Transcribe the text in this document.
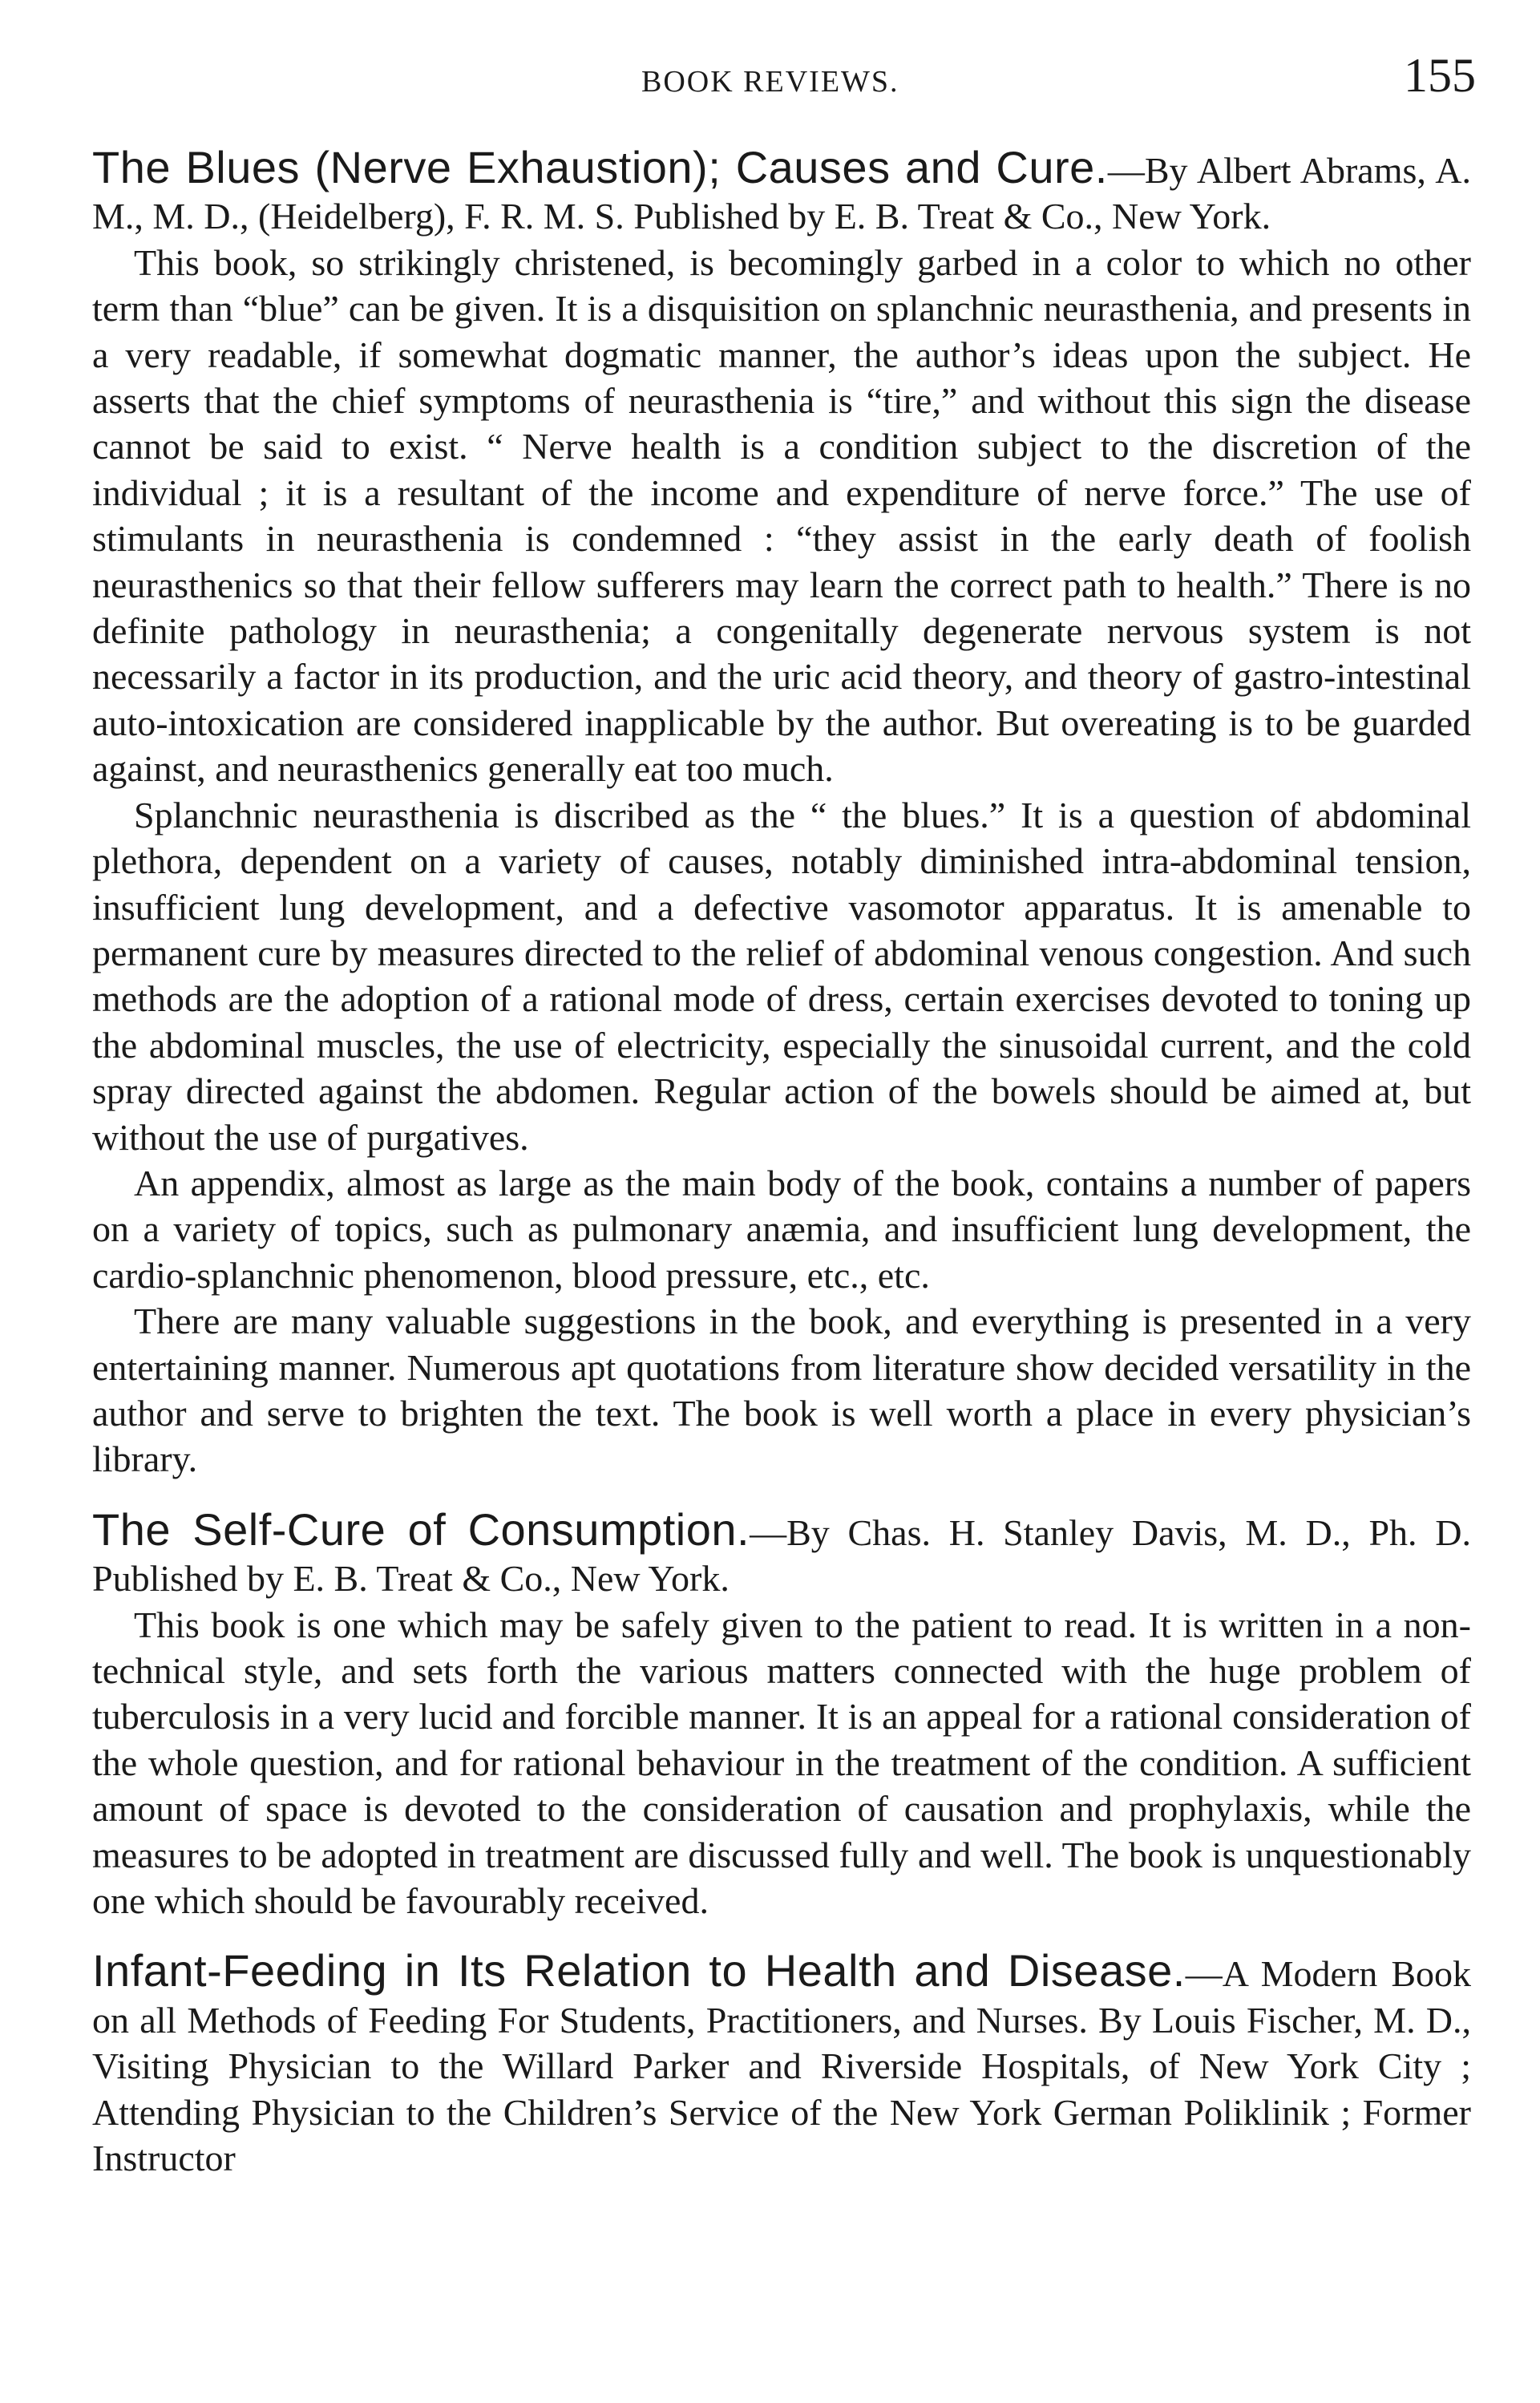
BOOK REVIEWS.	155

The Blues (Nerve Exhaustion); Causes and Cure.—By Albert Abrams, A. M., M. D., (Heidelberg), F. R. M. S. Published by E. B. Treat & Co., New York.

This book, so strikingly christened, is becomingly garbed in a color to which no other term than “blue” can be given. It is a disquisition on splanchnic neurasthenia, and presents in a very readable, if somewhat dogmatic manner, the author’s ideas upon the subject. He asserts that the chief symptoms of neurasthenia is “tire,” and without this sign the disease cannot be said to exist. “ Nerve health is a condition subject to the discretion of the individual ; it is a resultant of the income and expenditure of nerve force.” The use of stimulants in neurasthenia is condemned : “they assist in the early death of foolish neurasthenics so that their fellow sufferers may learn the correct path to health.” There is no definite pathology in neurasthenia; a congenitally degenerate nervous system is not necessarily a factor in its production, and the uric acid theory, and theory of gastro-intestinal auto-intoxication are considered inapplicable by the author. But overeating is to be guarded against, and neurasthenics generally eat too much.

Splanchnic neurasthenia is discribed as the “ the blues.” It is a question of abdominal plethora, dependent on a variety of causes, notably diminished intra-abdominal tension, insufficient lung development, and a defective vasomotor apparatus. It is amenable to permanent cure by measures directed to the relief of abdominal venous congestion. And such methods are the adoption of a rational mode of dress, certain exercises devoted to toning up the abdominal muscles, the use of electricity, especially the sinusoidal current, and the cold spray directed against the abdomen. Regular action of the bowels should be aimed at, but without the use of purgatives.

An appendix, almost as large as the main body of the book, contains a number of papers on a variety of topics, such as pulmonary anæmia, and insufficient lung development, the cardio-splanchnic phenomenon, blood pressure, etc., etc.

There are many valuable suggestions in the book, and everything is presented in a very entertaining manner. Numerous apt quotations from literature show decided versatility in the author and serve to brighten the text. The book is well worth a place in every physician’s library.

The Self-Cure of Consumption.—By Chas. H. Stanley Davis, M. D., Ph. D. Published by E. B. Treat & Co., New York.

This book is one which may be safely given to the patient to read. It is written in a non-technical style, and sets forth the various matters connected with the huge problem of tuberculosis in a very lucid and forcible manner. It is an appeal for a rational consideration of the whole question, and for rational behaviour in the treatment of the condition. A sufficient amount of space is devoted to the consideration of causation and prophylaxis, while the measures to be adopted in treatment are discussed fully and well. The book is unquestionably one which should be favourably received.

Infant-Feeding in Its Relation to Health and Disease.—A Modern Book on all Methods of Feeding For Students, Practitioners, and Nurses. By Louis Fischer, M. D., Visiting Physician to the Willard Parker and Riverside Hospitals, of New York City ; Attending Physician to the Children’s Service of the New York German Poliklinik ; Former Instructor
